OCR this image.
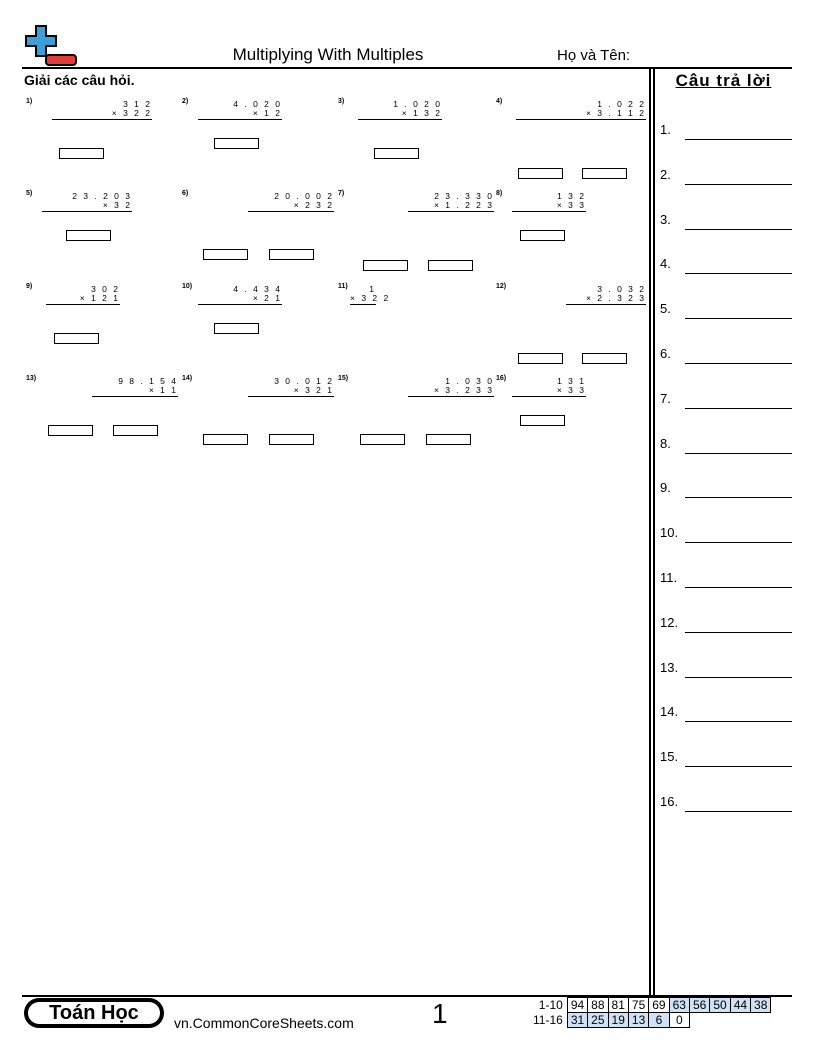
Multiplying With Multiples	Họ và Tên:
Giải các câu hỏi.	Câu trả lời
1.
2.
3.
4.
5.
6.
7.
8.
9.
10.
11.
12.
13.
14.
15.
16.
1)	3 1 2
× 3 2 2
2)	4 . 0 2 0
× 1 2
3)	1 . 0 2 0
× 1 3 2
4)	1 . 0 2 2
× 3 . 1 1 2
5)	2 3 . 2 0 3
× 3 2
6)	2 0 . 0 0 2
× 2 3 2
7)	2 3 . 3 3 0
× 1 . 2 2 3
8)	1 3 2
× 3 3
9)	3 0 2
× 1 2 1
10)	4 . 4 3 4
× 2 1
11)	1
× 3 2 2
12)	3 . 0 3 2
× 2 . 3 2 3
13)	9 8 . 1 5 4
× 1 1
14)	3 0 . 0 1 2
× 3 2 1
15)	1 . 0 3 0
× 3 . 2 3 3
16)	1 3 1
× 3 3
Toán Học	vn.CommonCoreSheets.com	1	1-10	94	88	81	75	69	63	56	50	44	38
11-16	31	25	19	13	6	0				
